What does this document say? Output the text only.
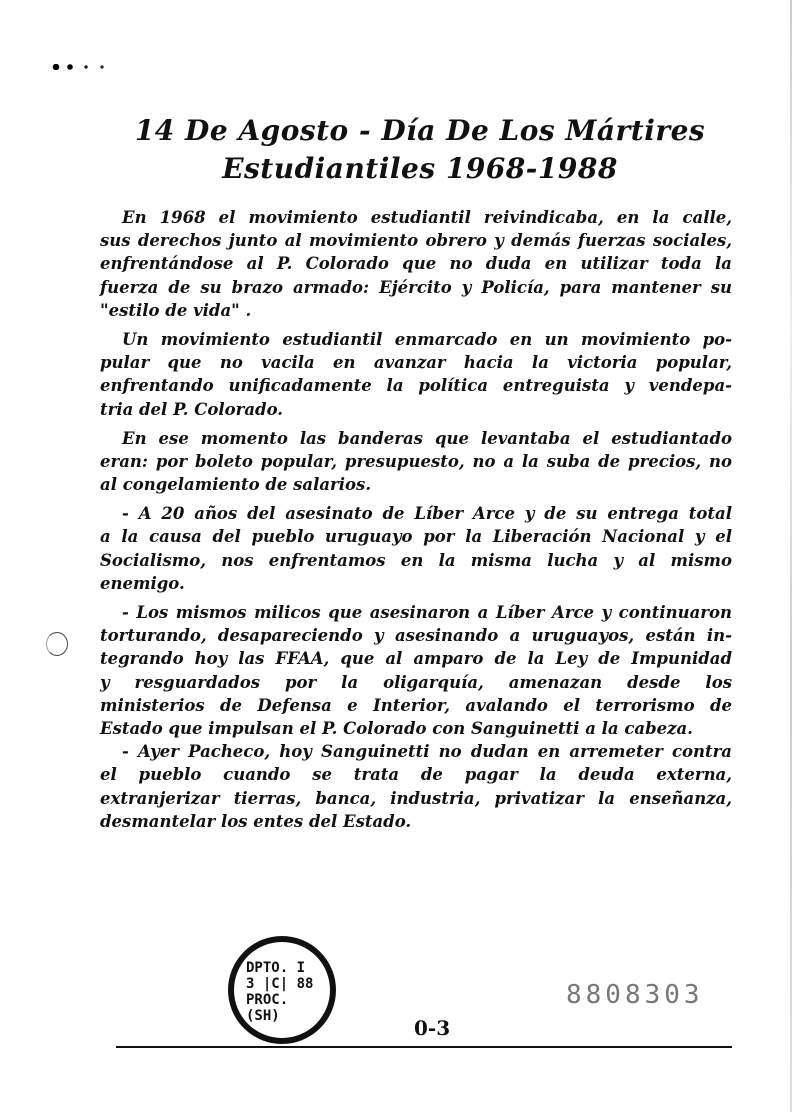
14 De Agosto - Día De Los Mártires
Estudiantiles 1968-1988
En 1968 el movimiento estudiantil reivindicaba, en la calle,
sus derechos junto al movimiento obrero y demás fuerzas sociales,
enfrentándose al P. Colorado que no duda en utilizar toda la
fuerza de su brazo armado: Ejército y Policía, para mantener su
"estilo de vida" .
Un movimiento estudiantil enmarcado en un movimiento po-
pular que no vacila en avanzar hacia la victoria popular,
enfrentando unificadamente la política entreguista y vendepa-
tria del P. Colorado.
En ese momento las banderas que levantaba el estudiantado
eran: por boleto popular, presupuesto, no a la suba de precios, no
al congelamiento de salarios.
- A 20 años del asesinato de Líber Arce y de su entrega total
a la causa del pueblo uruguayo por la Liberación Nacional y el
Socialismo, nos enfrentamos en la misma lucha y al mismo
enemigo.
- Los mismos milicos que asesinaron a Líber Arce y continuaron
torturando, desapareciendo y asesinando a uruguayos, están in-
tegrando hoy las FFAA, que al amparo de la Ley de Impunidad
y resguardados por la oligarquía, amenazan desde los
ministerios de Defensa e Interior, avalando el terrorismo de
Estado que impulsan el P. Colorado con Sanguinetti a la cabeza.
- Ayer Pacheco, hoy Sanguinetti no dudan en arremeter contra
el pueblo cuando se trata de pagar la deuda externa,
extranjerizar tierras, banca, industria, privatizar la enseñanza,
desmantelar los entes del Estado.
DPTO. I
3 |C| 88
PROC.
(SH)
8808303
0-3
